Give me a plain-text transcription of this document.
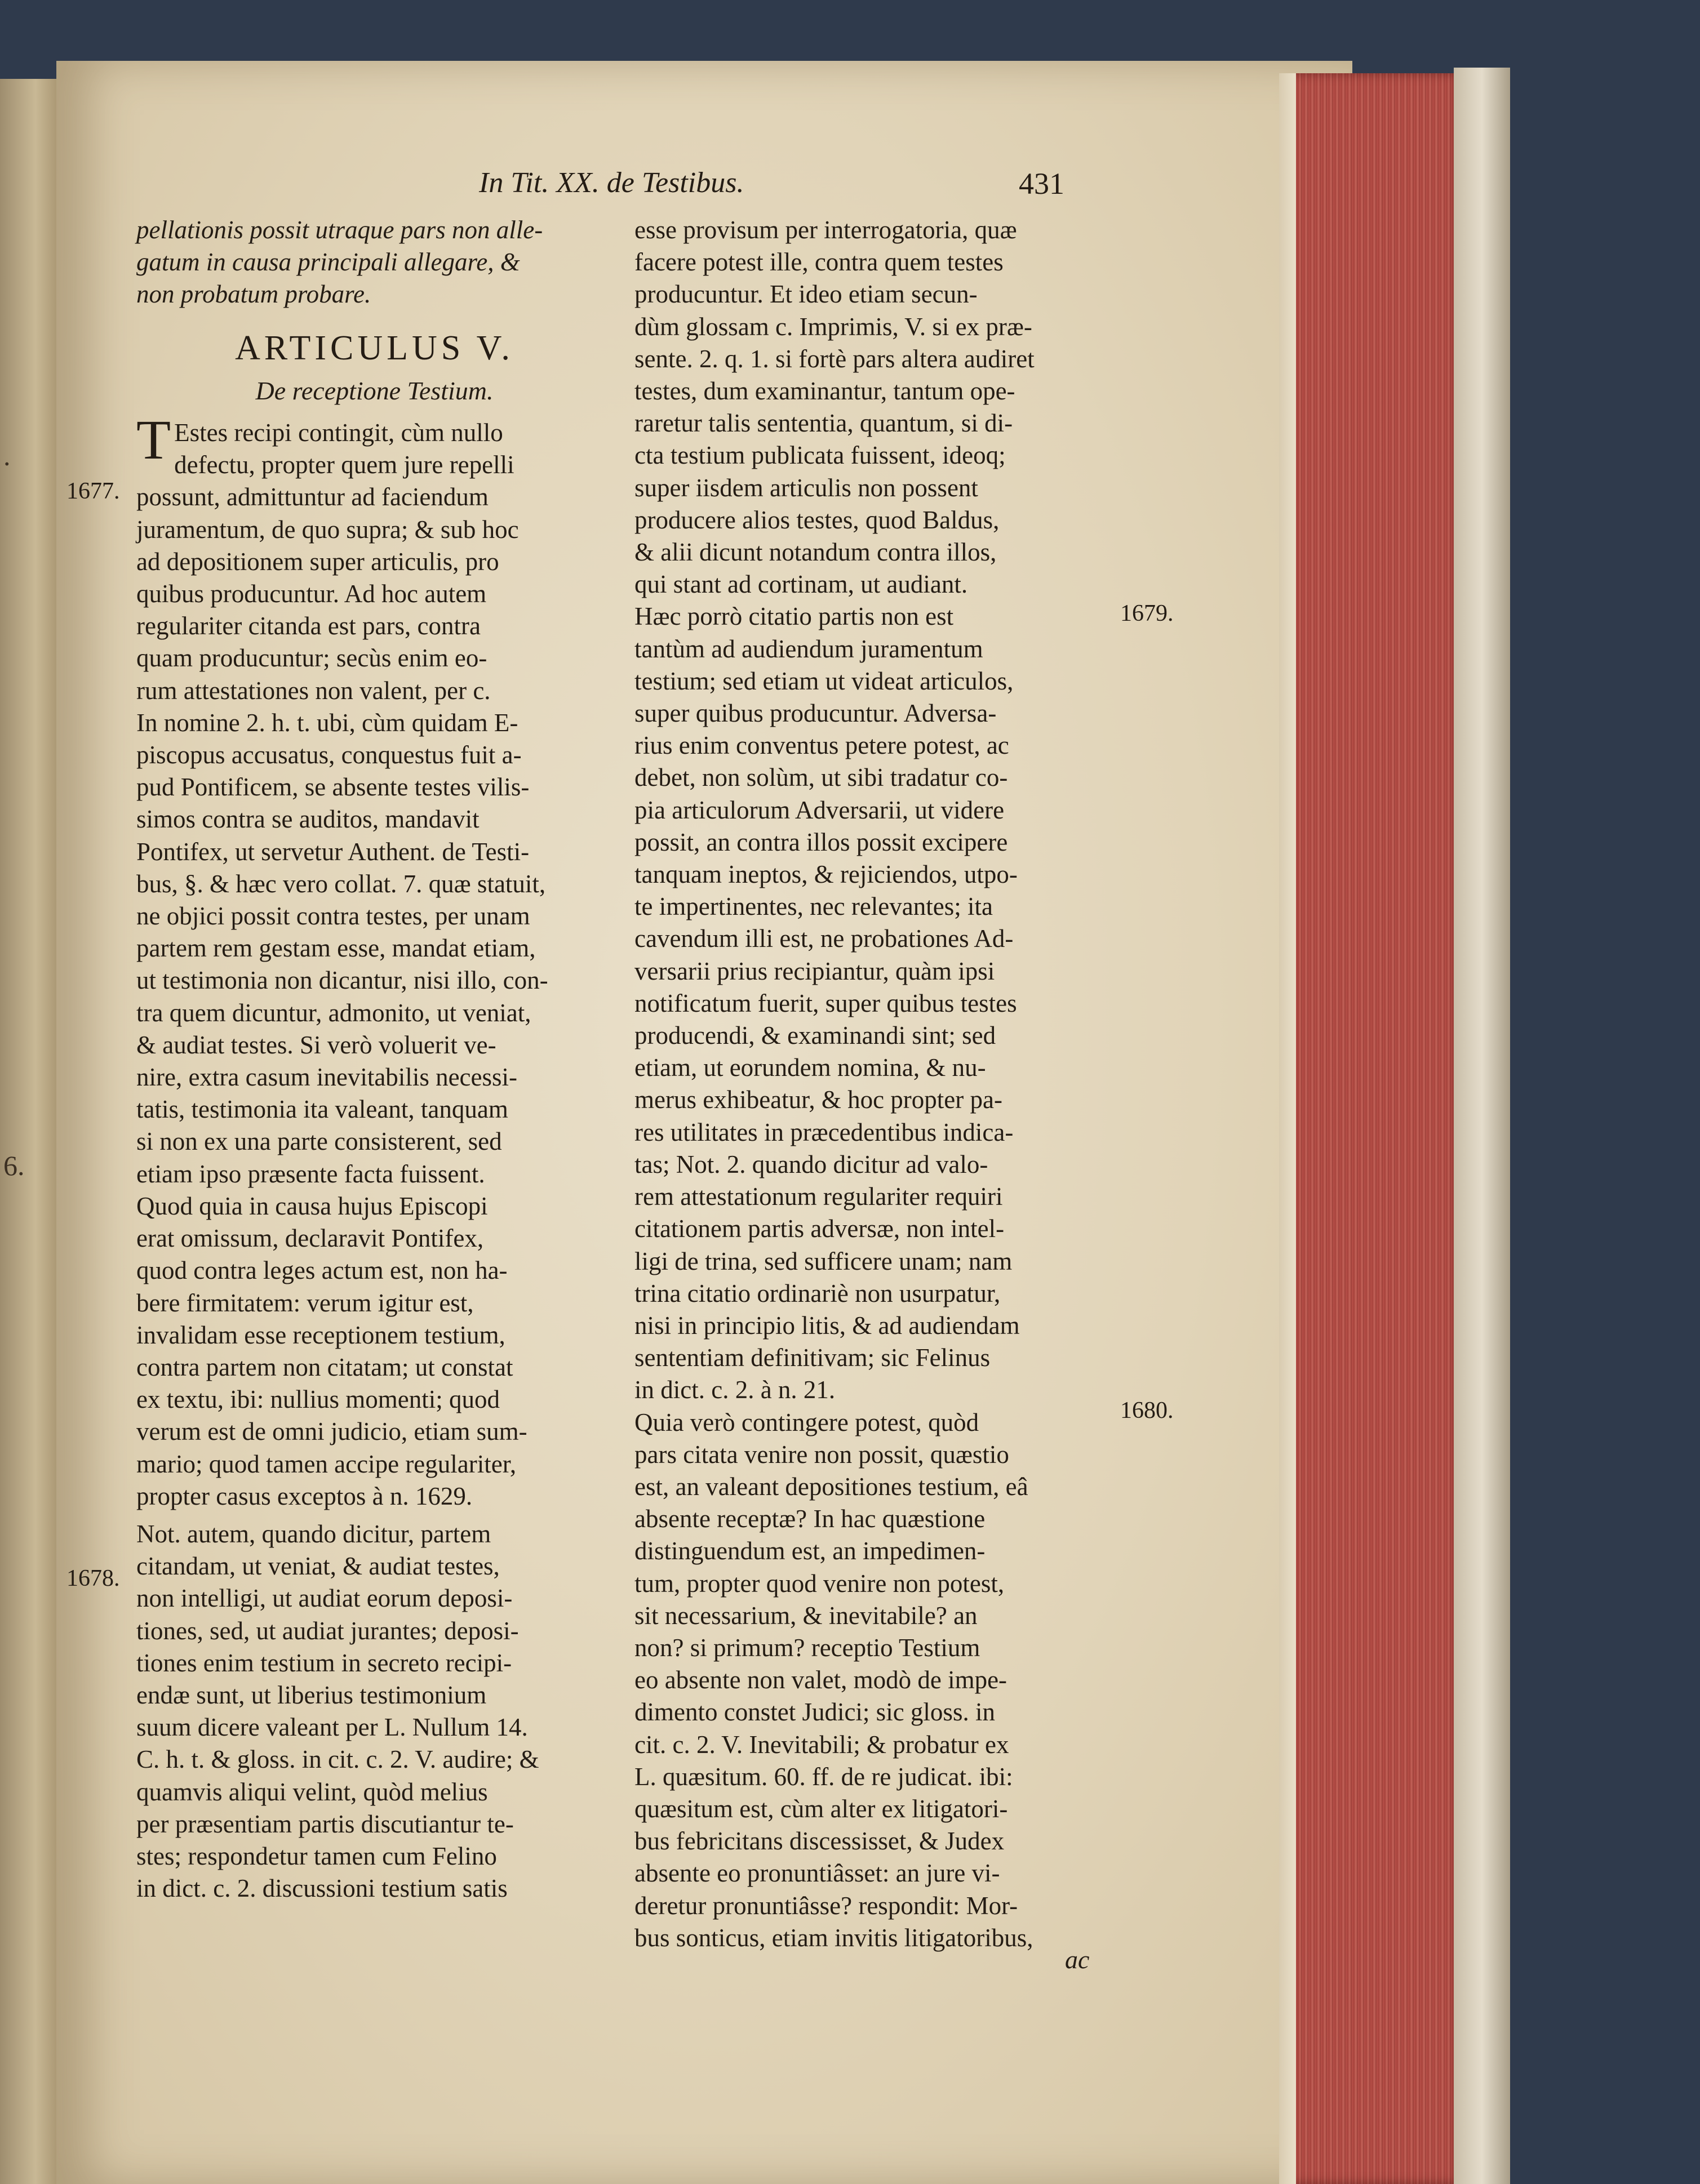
.
6.
In Tit. XX. de Testibus.	431
1677.
1678.
1679.
1680.

pellationis possit utraque pars non alle-

gatum in causa principali allegare, &

non probatum probare.

ARTICULUS V.

De receptione Testium.

T Estes recipi contingit, cùm nullo

defectu, propter quem jure repelli

possunt, admittuntur ad faciendum

juramentum, de quo supra; & sub hoc

ad depositionem super articulis, pro

quibus producuntur. Ad hoc autem

regulariter citanda est pars, contra

quam producuntur; secùs enim eo-

rum attestationes non valent, per c.

In nomine 2. h. t. ubi, cùm quidam E-

piscopus accusatus, conquestus fuit a-

pud Pontificem, se absente testes vilis-

simos contra se auditos, mandavit

Pontifex, ut servetur Authent. de Testi-

bus, §. & hæc vero collat. 7. quæ statuit,

ne objici possit contra testes, per unam

partem rem gestam esse, mandat etiam,

ut testimonia non dicantur, nisi illo, con-

tra quem dicuntur, admonito, ut veniat,

& audiat testes. Si verò voluerit ve-

nire, extra casum inevitabilis necessi-

tatis, testimonia ita valeant, tanquam

si non ex una parte consisterent, sed

etiam ipso præsente facta fuissent.

Quod quia in causa hujus Episcopi

erat omissum, declaravit Pontifex,

quod contra leges actum est, non ha-

bere firmitatem: verum igitur est,

invalidam esse receptionem testium,

contra partem non citatam; ut constat

ex textu, ibi: nullius momenti; quod

verum est de omni judicio, etiam sum-

mario; quod tamen accipe regulariter,

propter casus exceptos à n. 1629.

Not. autem, quando dicitur, partem

citandam, ut veniat, & audiat testes,

non intelligi, ut audiat eorum deposi-

tiones, sed, ut audiat jurantes; deposi-

tiones enim testium in secreto recipi-

endæ sunt, ut liberius testimonium

suum dicere valeant per L. Nullum 14.

C. h. t. & gloss. in cit. c. 2. V. audire; &

quamvis aliqui velint, quòd melius

per præsentiam partis discutiantur te-

stes; respondetur tamen cum Felino

in dict. c. 2. discussioni testium satis

esse provisum per interrogatoria, quæ

facere potest ille, contra quem testes

producuntur. Et ideo etiam secun-

dùm glossam c. Imprimis, V. si ex præ-

sente. 2. q. 1. si fortè pars altera audiret

testes, dum examinantur, tantum ope-

raretur talis sententia, quantum, si di-

cta testium publicata fuissent, ideoq;

super iisdem articulis non possent

producere alios testes, quod Baldus,

& alii dicunt notandum contra illos,

qui stant ad cortinam, ut audiant.

Hæc porrò citatio partis non est

tantùm ad audiendum juramentum

testium; sed etiam ut videat articulos,

super quibus producuntur. Adversa-

rius enim conventus petere potest, ac

debet, non solùm, ut sibi tradatur co-

pia articulorum Adversarii, ut videre

possit, an contra illos possit excipere

tanquam ineptos, & rejiciendos, utpo-

te impertinentes, nec relevantes; ita

cavendum illi est, ne probationes Ad-

versarii prius recipiantur, quàm ipsi

notificatum fuerit, super quibus testes

producendi, & examinandi sint; sed

etiam, ut eorundem nomina, & nu-

merus exhibeatur, & hoc propter pa-

res utilitates in præcedentibus indica-

tas; Not. 2. quando dicitur ad valo-

rem attestationum regulariter requiri

citationem partis adversæ, non intel-

ligi de trina, sed sufficere unam; nam

trina citatio ordinariè non usurpatur,

nisi in principio litis, & ad audiendam

sententiam definitivam; sic Felinus

in dict. c. 2. à n. 21.

Quia verò contingere potest, quòd

pars citata venire non possit, quæstio

est, an valeant depositiones testium, eâ

absente receptæ? In hac quæstione

distinguendum est, an impedimen-

tum, propter quod venire non potest,

sit necessarium, & inevitabile? an

non? si primum? receptio Testium

eo absente non valet, modò de impe-

dimento constet Judici; sic gloss. in

cit. c. 2. V. Inevitabili; & probatur ex

L. quæsitum. 60. ff. de re judicat. ibi:

quæsitum est, cùm alter ex litigatori-

bus febricitans discessisset, & Judex

absente eo pronuntiâsset: an jure vi-

deretur pronuntiâsse? respondit: Mor-

bus sonticus, etiam invitis litigatoribus,

ac
